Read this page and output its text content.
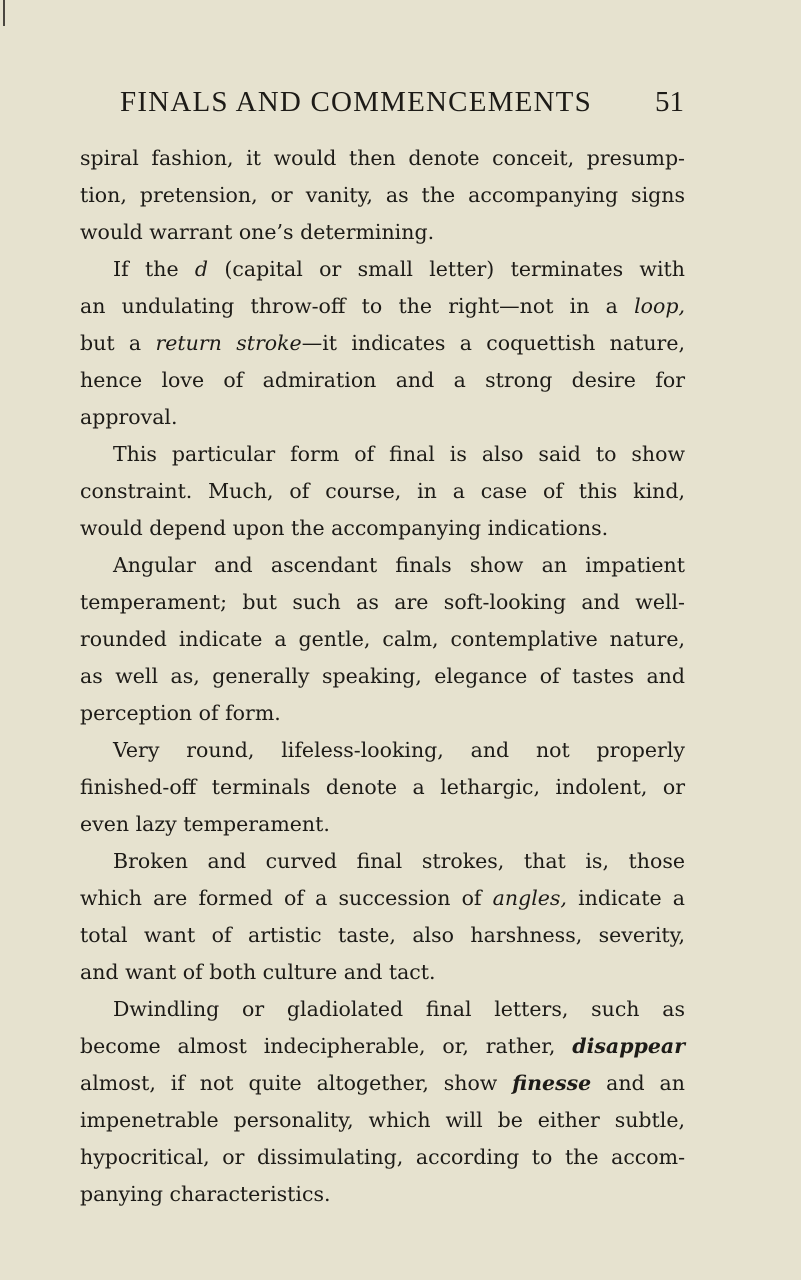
FINALS AND COMMENCEMENTS 51
spiral fashion, it would then denote conceit, presump-
tion, pretension, or vanity, as the accompanying signs
would warrant one’s determining.
If the d (capital or small letter) terminates with
an undulating throw-off to the right—not in a loop,
but a return stroke—it indicates a coquettish nature,
hence love of admiration and a strong desire for
approval.
This particular form of final is also said to show
constraint. Much, of course, in a case of this kind,
would depend upon the accompanying indications.
Angular and ascendant finals show an impatient
temperament; but such as are soft-looking and well-
rounded indicate a gentle, calm, contemplative nature,
as well as, generally speaking, elegance of tastes and
perception of form.
Very round, lifeless-looking, and not properly
finished-off terminals denote a lethargic, indolent, or
even lazy temperament.
Broken and curved final strokes, that is, those
which are formed of a succession of angles, indicate a
total want of artistic taste, also harshness, severity,
and want of both culture and tact.
Dwindling or gladiolated final letters, such as
become almost indecipherable, or, rather, disappear
almost, if not quite altogether, show finesse and an
impenetrable personality, which will be either subtle,
hypocritical, or dissimulating, according to the accom-
panying characteristics.
